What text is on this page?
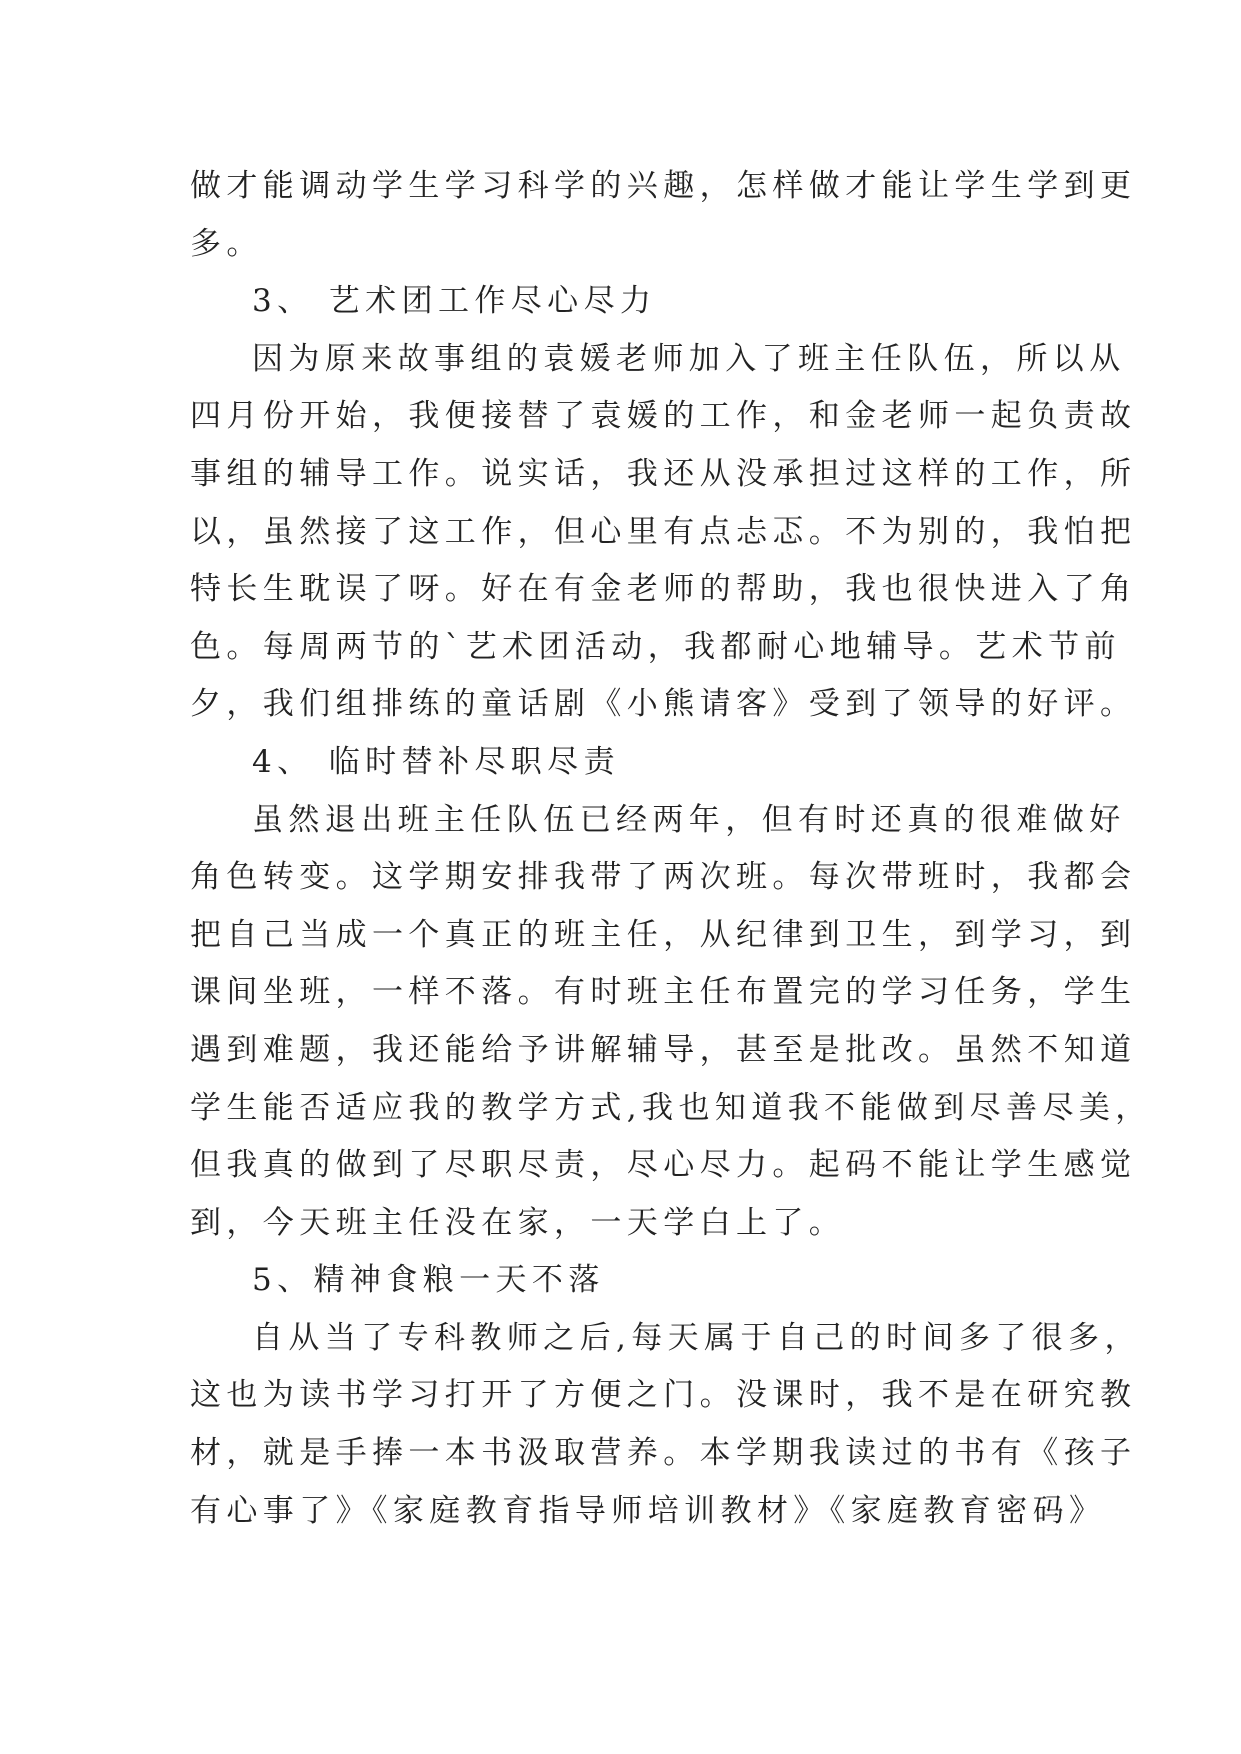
做才能调动学生学习科学的兴趣，怎样做才能让学生学到更
多。
3、 艺术团工作尽心尽力
因为原来故事组的袁媛老师加入了班主任队伍，所以从
四月份开始，我便接替了袁媛的工作，和金老师一起负责故
事组的辅导工作。说实话，我还从没承担过这样的工作，所
以，虽然接了这工作，但心里有点忐忑。不为别的，我怕把
特长生耽误了呀。好在有金老师的帮助，我也很快进入了角
色。每周两节的`艺术团活动，我都耐心地辅导。艺术节前
夕，我们组排练的童话剧《小熊请客》受到了领导的好评。
4、 临时替补尽职尽责
虽然退出班主任队伍已经两年，但有时还真的很难做好
角色转变。这学期安排我带了两次班。每次带班时，我都会
把自己当成一个真正的班主任，从纪律到卫生，到学习，到
课间坐班，一样不落。有时班主任布置完的学习任务，学生
遇到难题，我还能给予讲解辅导，甚至是批改。虽然不知道
学生能否适应我的教学方式,我也知道我不能做到尽善尽美，
但我真的做到了尽职尽责，尽心尽力。起码不能让学生感觉
到，今天班主任没在家，一天学白上了。
5、精神食粮一天不落
自从当了专科教师之后,每天属于自己的时间多了很多，
这也为读书学习打开了方便之门。没课时，我不是在研究教
材，就是手捧一本书汲取营养。本学期我读过的书有《孩子
有心事了》《家庭教育指导师培训教材》《家庭教育密码》
